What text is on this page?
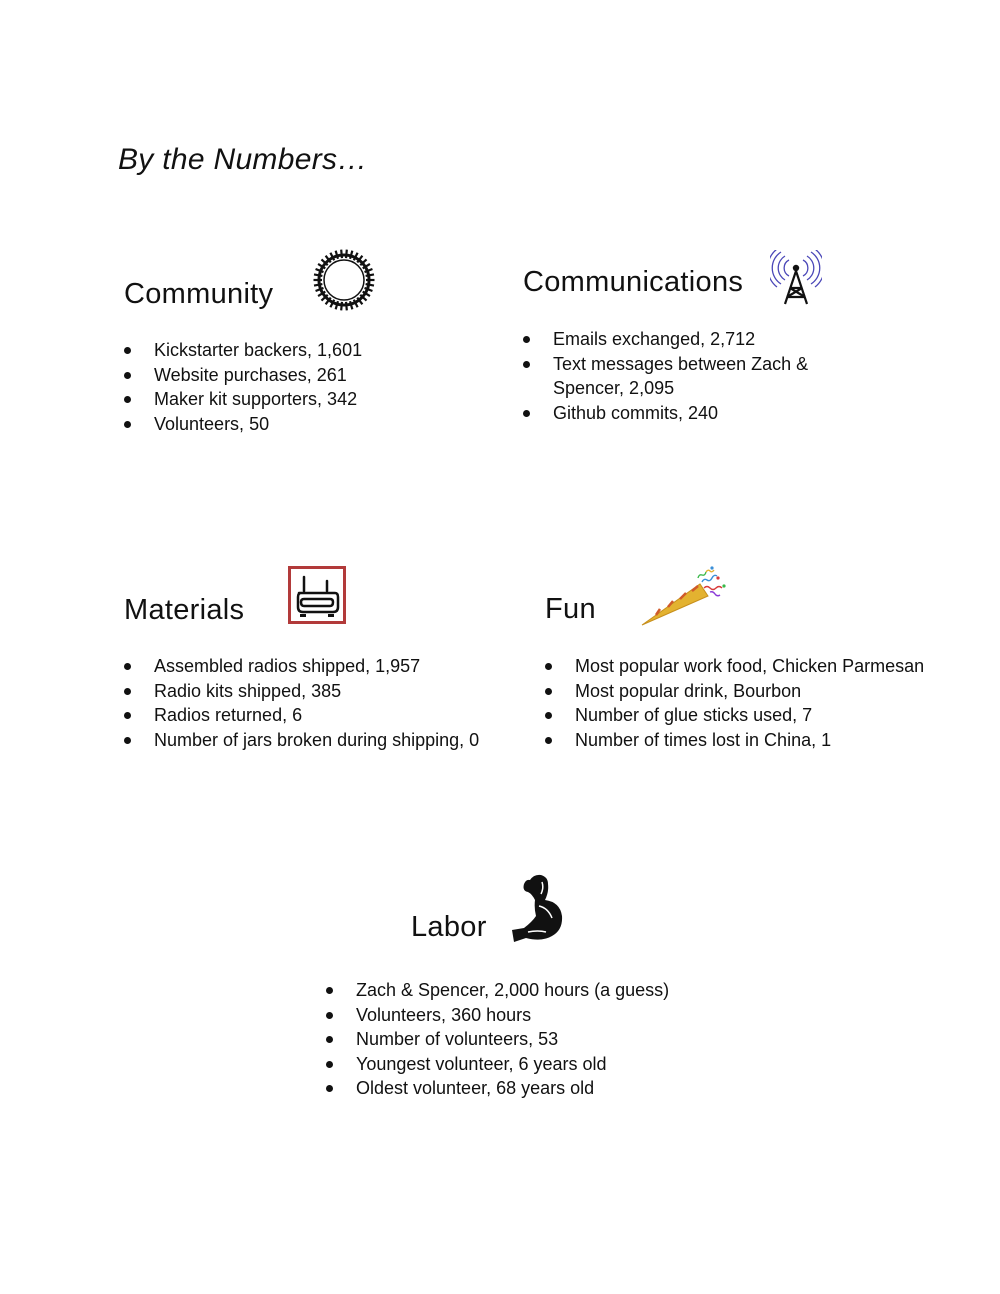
By the Numbers…
Community
Kickstarter backers, 1,601
Website purchases, 261
Maker kit supporters, 342
Volunteers, 50
Communications
Emails exchanged, 2,712
Text messages between Zach & Spencer, 2,095
Github commits, 240
Materials
Assembled radios shipped, 1,957
Radio kits shipped, 385
Radios returned, 6
Number of jars broken during shipping, 0
Fun
Most popular work food, Chicken Parmesan
Most popular drink, Bourbon
Number of glue sticks used, 7
Number of times lost in China, 1
Labor
Zach & Spencer, 2,000 hours (a guess)
Volunteers, 360 hours
Number of volunteers, 53
Youngest volunteer, 6 years old
Oldest volunteer, 68 years old
